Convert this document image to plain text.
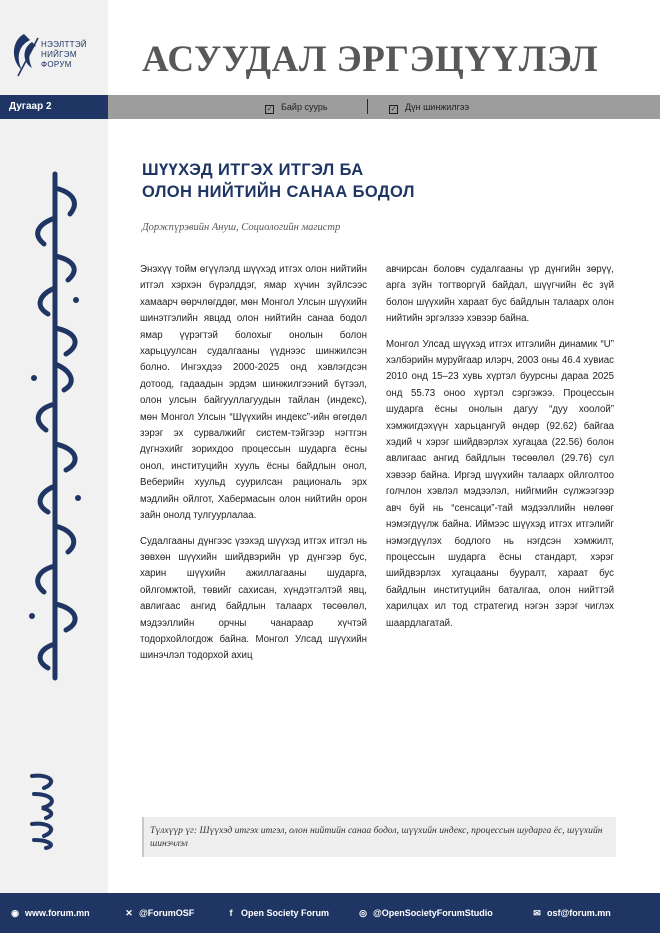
НЭЭЛТТЭЙ
НИЙГЭМ
ФОРУМ	АСУУДАЛ ЭРГЭЦҮҮЛЭЛ
Дугаар 2	✓ Байр суурь	✓ Дүн шинжилгээ
ШҮҮХЭД ИТГЭХ ИТГЭЛ БА
ОЛОН НИЙТИЙН САНАА БОДОЛ
Доржпүрэвийн Ануш, Социологийн магистр

Энэхүү тойм өгүүлэлд шүүхэд итгэх олон нийтийн итгэл хэрхэн бүрэлддэг, ямар хүчин зүйлсээс хамаарч өөрчлөгддөг, мөн Монгол Улсын шүүхийн шинэтгэлийн явцад олон нийтийн санаа бодол ямар үүрэгтэй болохыг онолын болон харьцуулсан судалгааны үүднээс шинжилсэн болно. Ингэхдээ 2000-2025 онд хэвлэгдсэн дотоод, гадаадын эрдэм шинжилгээний бүтээл, олон улсын байгууллагуудын тайлан (индекс), мөн Монгол Улсын “Шүүхийн индекс”-ийн өгөгдөл зэрэг эх сурвалжийг систем-тэйгээр нэгтгэн дүгнэхийг зорихдоо процессын шударга ёсны онол, институцийн хууль ёсны байдлын онол, Веберийн хуульд суурилсан рациональ эрх мэдлийн ойлгот, Хабермасын олон нийтийн орон зайн онолд тулгуурлалаа.

Судалгааны дүнгээс үзэхэд шүүхэд итгэх итгэл нь зөвхөн шүүхийн шийдвэрийн үр дүнгээр бус, харин шүүхийн ажиллагааны шударга, ойлгомжтой, төвийг сахисан, хүндэтгэлтэй явц, авлигаас ангид байдлын талаарх төсөөлөл, мэдээллийн орчны чанараар хүчтэй тодорхойлогдож байна. Монгол Улсад шүүхийн шинэчлэл тодорхой ахиц

авчирсан боловч судалгааны үр дүнгийн зөрүү, арга зүйн тогтворгүй байдал, шүүгчийн ёс зүй болон шүүхийн хараат бус байдлын талаарх олон нийтийн эргэлзээ хэвээр байна.

Монгол Улсад шүүхэд итгэх итгэлийн динамик “U” хэлбэрийн муруйгаар илэрч, 2003 оны 46.4 хувиас 2010 онд 15–23 хувь хүртэл буурсны дараа 2025 онд 55.73 оноо хүртэл сэргэжээ. Процессын шударга ёсны онолын дагуу “дуу хоолой” хэмжигдэхүүн харьцангуй өндөр (92.62) байгаа хэдий ч хэрэг шийдвэрлэх хугацаа (22.56) болон авлигаас ангид байдлын төсөөлөл (29.76) сул хэвээр байна. Иргэд шүүхийн талаарх ойлголтоо голчлон хэвлэл мэдээлэл, нийгмийн сүлжээгээр авч буй нь “сенсаци”-тай мэдээллийн нөлөөг нэмэгдүүлж байна. Иймээс шүүхэд итгэх итгэлийг нэмэгдүүлэх бодлого нь нэгдсэн хэмжилт, процессын шударга ёсны стандарт, хэрэг шийдвэрлэх хугацааны бууралт, хараат бус байдлын институцийн баталгаа, олон нийттэй харилцах ил тод стратегид нэгэн зэрэг чиглэх шаардлагатай.

Түлхүүр үг: Шүүхэд итгэх итгэл, олон нийтийн санаа бодол, шүүхийн индекс, процессын шударга ёс, шүүхийн шинэчлэл
◉ www.forum.mn	✕ @ForumOSF	f Open Society Forum	◎ @OpenSocietyForumStudio	✉ osf@forum.mn
